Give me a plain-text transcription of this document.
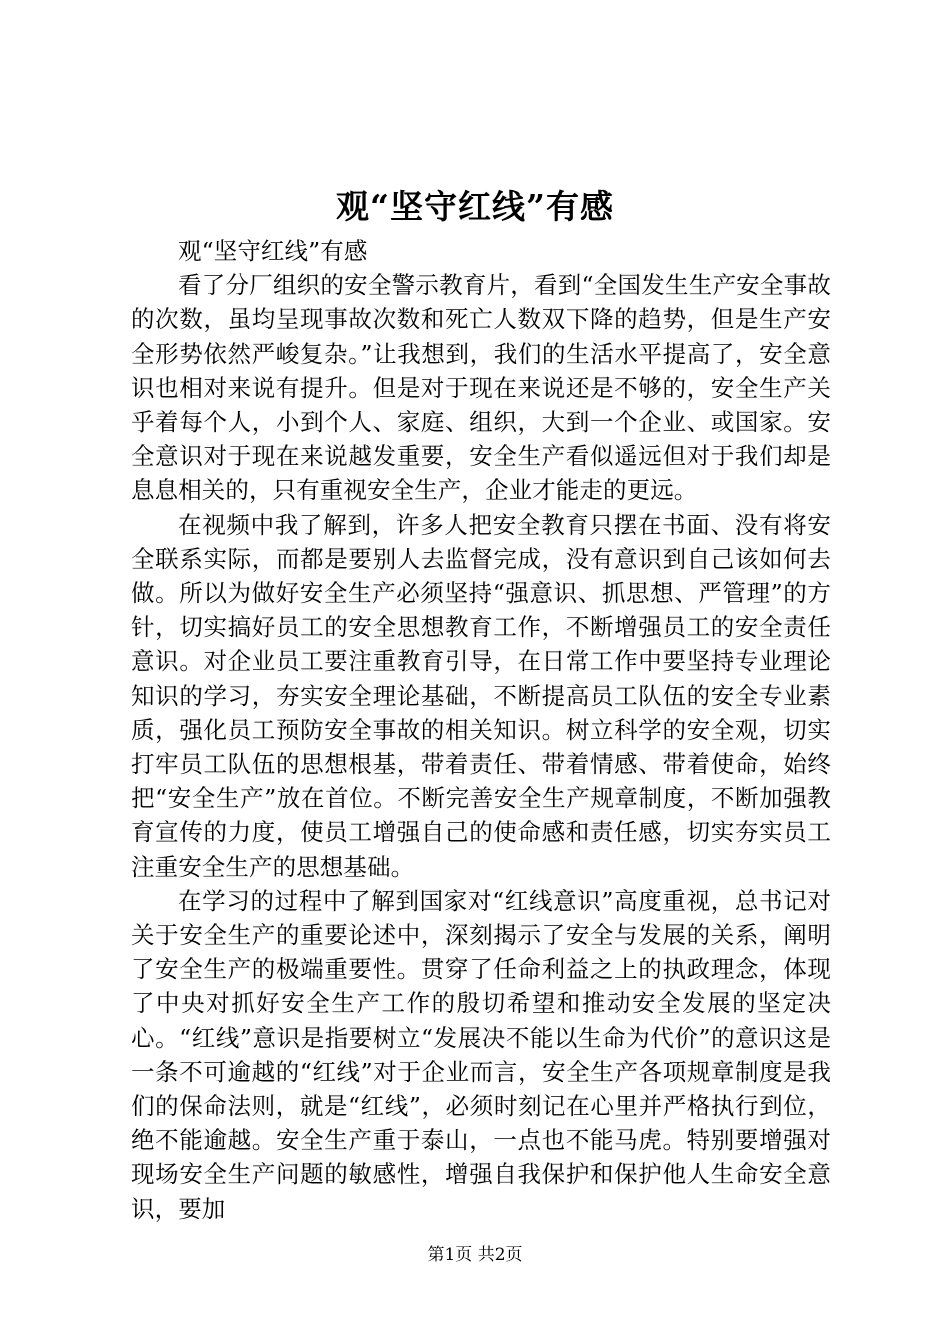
观“坚守红线”有感

观“坚守红线”有感

看了分厂组织的安全警示教育片，看到“全国发生生产安全事故的次数，虽均呈现事故次数和死亡人数双下降的趋势，但是生产安全形势依然严峻复杂。”让我想到，我们的生活水平提高了，安全意识也相对来说有提升。但是对于现在来说还是不够的，安全生产关乎着每个人，小到个人、家庭、组织，大到一个企业、或国家。安全意识对于现在来说越发重要，安全生产看似遥远但对于我们却是息息相关的，只有重视安全生产，企业才能走的更远。

在视频中我了解到，许多人把安全教育只摆在书面、没有将安全联系实际，而都是要别人去监督完成，没有意识到自己该如何去做。所以为做好安全生产必须坚持“强意识、抓思想、严管理”的方针，切实搞好员工的安全思想教育工作，不断增强员工的安全责任意识。对企业员工要注重教育引导，在日常工作中要坚持专业理论知识的学习，夯实安全理论基础，不断提高员工队伍的安全专业素质，强化员工预防安全事故的相关知识。树立科学的安全观，切实打牢员工队伍的思想根基，带着责任、带着情感、带着使命，始终把“安全生产”放在首位。不断完善安全生产规章制度，不断加强教育宣传的力度，使员工增强自己的使命感和责任感，切实夯实员工注重安全生产的思想基础。

在学习的过程中了解到国家对“红线意识”高度重视，总书记对关于安全生产的重要论述中，深刻揭示了安全与发展的关系，阐明了安全生产的极端重要性。贯穿了任命利益之上的执政理念，体现了中央对抓好安全生产工作的殷切希望和推动安全发展的坚定决心。“红线”意识是指要树立“发展决不能以生命为代价”的意识这是一条不可逾越的“红线”对于企业而言，安全生产各项规章制度是我们的保命法则，就是“红线”，必须时刻记在心里并严格执行到位，绝不能逾越。安全生产重于泰山，一点也不能马虎。特别要增强对现场安全生产问题的敏感性，增强自我保护和保护他人生命安全意识，要加

第1页 共2页
